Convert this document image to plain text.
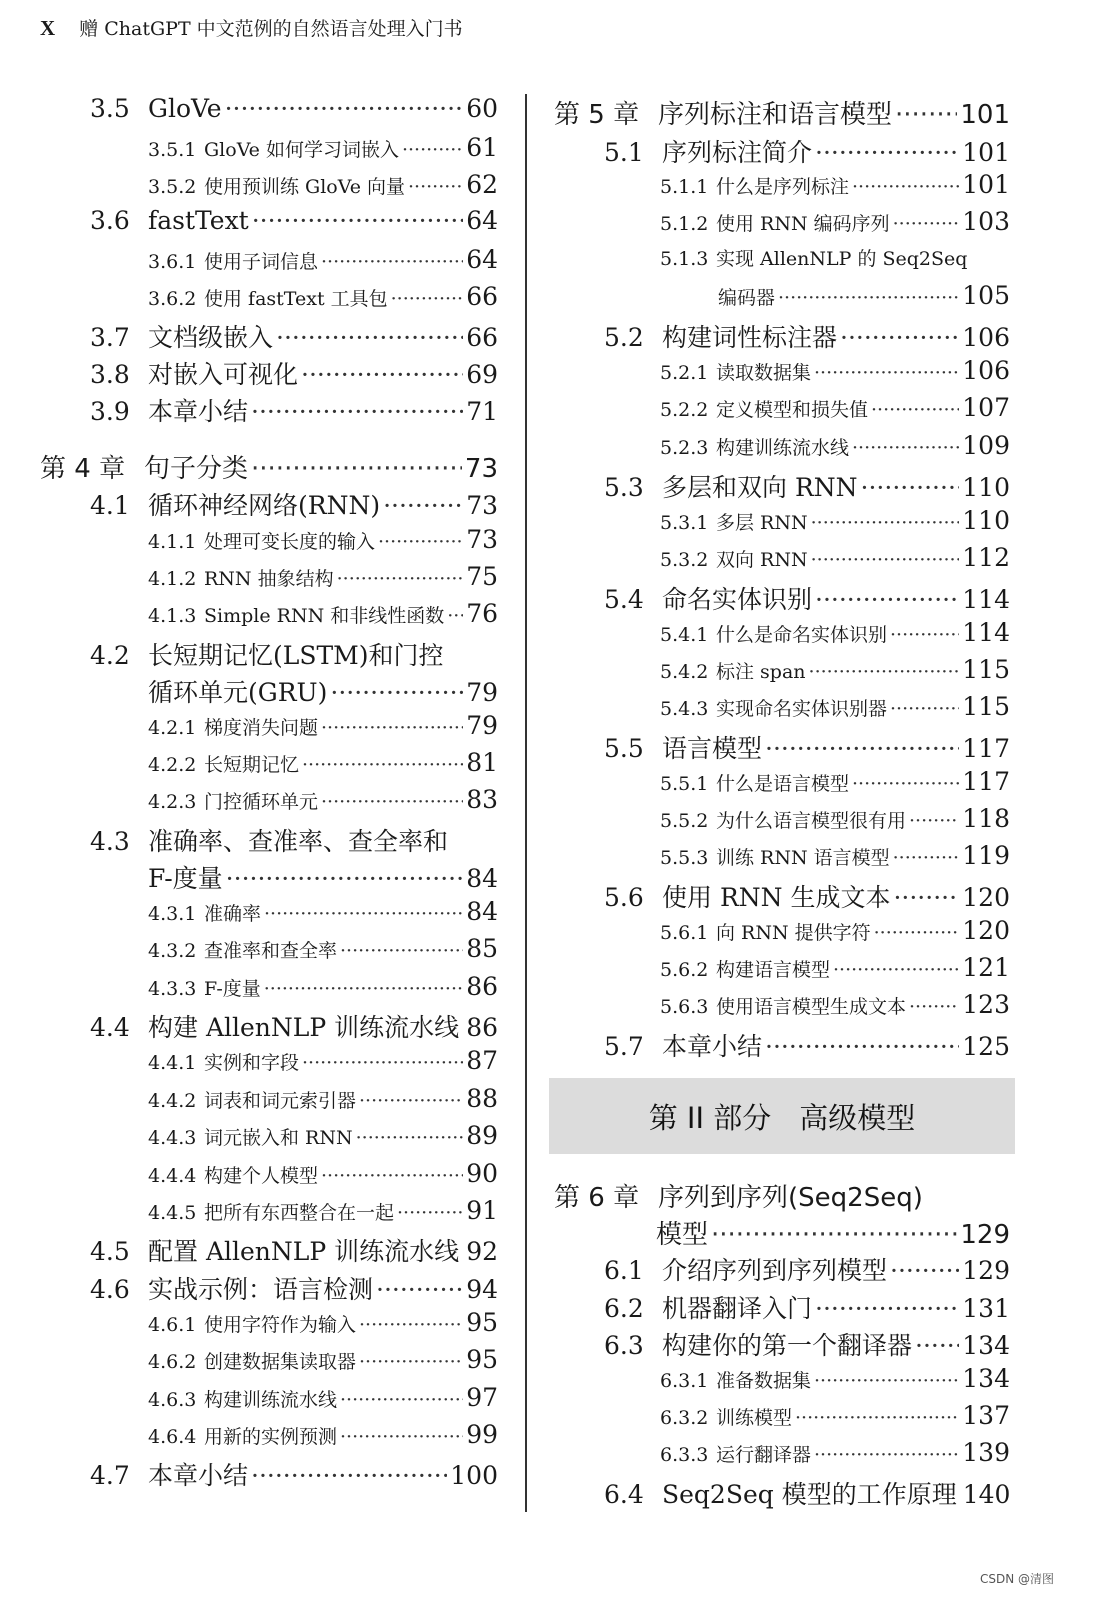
X 赠 ChatGPT 中文范例的自然语言处理入门书
3.5 GloVe ·····	60
3.5.1 GloVe 如何学习词嵌入 ·····	61
3.5.2 使用预训练 GloVe 向量 ····· 62
3.6 fastText ·····	64
3.6.1 使用子词信息 ·····	64
3.6.2 使用 fastText 工具包 ·····	66
3.7 文档级嵌入 ·····	66
3.8 对嵌入可视化 ·····	69
3.9 本章小结 ·····	71
第 4 章 句子分类 ·····	73
4.1 循环神经网络(RNN) ·····	73
4.1.1 处理可变长度的输入 ·····	73
4.1.2 RNN 抽象结构 ·····	75
4.1.3 Simple RNN 和非线性函数 ····· 76
4.2 长短期记忆(LSTM)和门控
循环单元(GRU) ·····	79
4.2.1 梯度消失问题 ·····	79
4.2.2 长短期记忆 ·····	81
4.2.3 门控循环单元 ·····	83
4.3 准确率、查准率、查全率和
F-度量 ·····	84
4.3.1 准确率 ·····	84
4.3.2 查准率和查全率 ·····	85
4.3.3 F-度量 ·····	86
4.4 构建 AllenNLP 训练流水线 ····· 86
4.4.1 实例和字段 ·····	87
4.4.2 词表和词元索引器 ·····	88
4.4.3 词元嵌入和 RNN ·····	89
4.4.4 构建个人模型 ·····	90
4.4.5 把所有东西整合在一起 ·····	91
4.5 配置 AllenNLP 训练流水线 ····· 92
4.6 实战示例：语言检测 ·····	94
4.6.1 使用字符作为输入 ·····	95
4.6.2 创建数据集读取器 ·····	95
4.6.3 构建训练流水线 ·····	97
4.6.4 用新的实例预测 ·····	99
4.7 本章小结 ·····	100
第 5 章 序列标注和语言模型 ·····	101
5.1 序列标注简介 ·····	101
5.1.1 什么是序列标注 ·····	101
5.1.2 使用 RNN 编码序列 ·····	103
5.1.3 实现 AllenNLP 的 Seq2Seq
编码器 ·····	105
5.2 构建词性标注器 ·····	106
5.2.1 读取数据集 ·····	106
5.2.2 定义模型和损失值 ·····	107
5.2.3 构建训练流水线 ·····	109
5.3 多层和双向 RNN ·····	110
5.3.1 多层 RNN ·····	110
5.3.2 双向 RNN ·····	112
5.4 命名实体识别 ·····	114
5.4.1 什么是命名实体识别 ·····	114
5.4.2 标注 span ·····	115
5.4.3 实现命名实体识别器 ·····	115
5.5 语言模型 ·····	117
5.5.1 什么是语言模型 ·····	117
5.5.2 为什么语言模型很有用 ····· 118
5.5.3 训练 RNN 语言模型 ·····	119
5.6 使用 RNN 生成文本 ·····	120
5.6.1 向 RNN 提供字符 ·····	120
5.6.2 构建语言模型 ·····	121
5.6.3 使用语言模型生成文本 ····· 123
5.7 本章小结 ·····	125
第 6 章 序列到序列(Seq2Seq)
模型 ·····	129
6.1 介绍序列到序列模型 ·····	129
6.2 机器翻译入门 ·····	131
6.3 构建你的第一个翻译器 ····· 134
6.3.1 准备数据集 ·····	134
6.3.2 训练模型 ·····	137
6.3.3 运行翻译器 ·····	139
6.4 Seq2Seq 模型的工作原理 140
第 II 部分 高级模型
CSDN @清图
